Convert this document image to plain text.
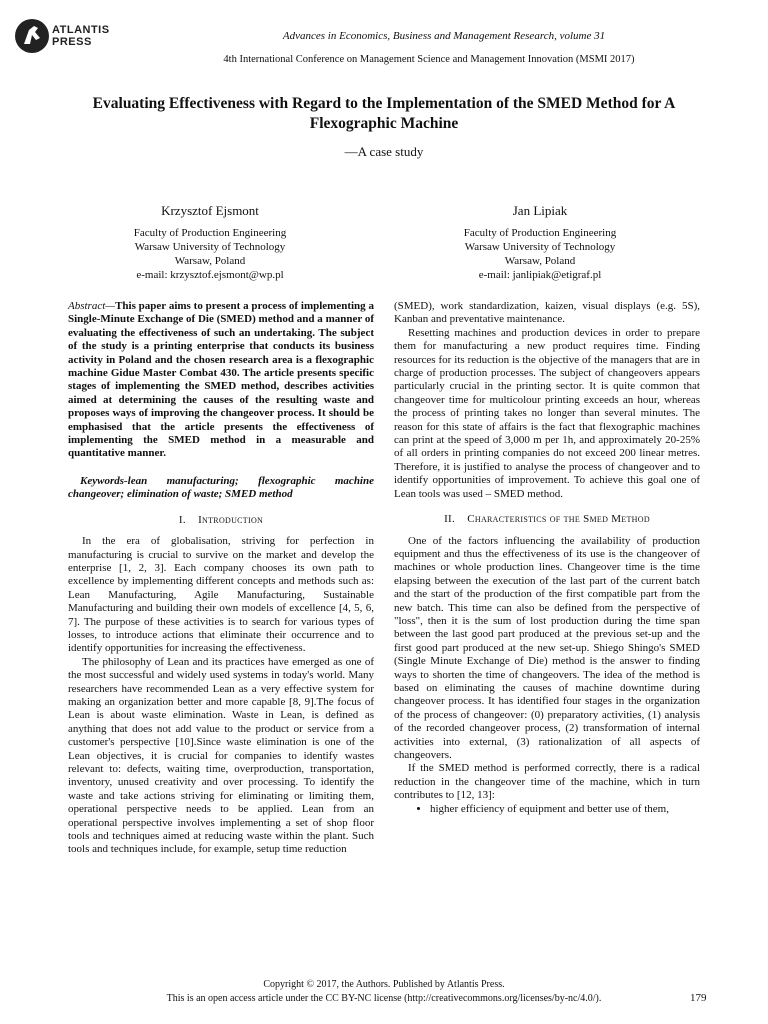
ATLANTIS
PRESS	Advances in Economics, Business and Management Research, volume 31
4th International Conference on Management Science and Management Innovation (MSMI 2017)
Evaluating Effectiveness with Regard to the Implementation of the SMED Method for A Flexographic Machine
—A case study
Krzysztof Ejsmont
Faculty of Production Engineering
Warsaw University of Technology
Warsaw, Poland
e-mail: krzysztof.ejsmont@wp.pl
Jan Lipiak
Faculty of Production Engineering
Warsaw University of Technology
Warsaw, Poland
e-mail: janlipiak@etigraf.pl
Abstract—This paper aims to present a process of implementing a Single-Minute Exchange of Die (SMED) method and a manner of evaluating the effectiveness of such an undertaking. The subject of the study is a printing enterprise that conducts its business activity in Poland and the chosen research area is a flexographic machine Gidue Master Combat 430. The article presents specific stages of implementing the SMED method, describes activities aimed at determining the causes of the resulting waste and proposes ways of improving the changeover process. It should be emphasised that the article presents the effectiveness of implementing the SMED method in a measurable and quantitative manner.
Keywords-lean manufacturing; flexographic machine changeover; elimination of waste; SMED method
I. Introduction

In the era of globalisation, striving for perfection in manufacturing is crucial to survive on the market and develop the enterprise [1, 2, 3]. Each company chooses its own path to excellence by implementing different concepts and methods such as: Lean Manufacturing, Agile Manufacturing, Sustainable Manufacturing and building their own models of excellence [4, 5, 6, 7]. The purpose of these activities is to search for various types of losses, to introduce actions that eliminate their occurrence and to identify opportunities for increasing the effectiveness.

The philosophy of Lean and its practices have emerged as one of the most successful and widely used systems in today's world. Many researchers have recommended Lean as a very effective system for making an organization better and more capable [8, 9].The focus of Lean is about waste elimination. Waste in Lean, is defined as anything that does not add value to the product or service from a customer's perspective [10].Since waste elimination is one of the Lean objectives, it is crucial for companies to identify wastes relevant to: defects, waiting time, overproduction, transportation, inventory, unused creativity and over processing. To identify the waste and take actions striving for eliminating or limiting them, operational perspective needs to be applied. Lean from an operational perspective involves implementing a set of shop floor tools and techniques aimed at reducing waste within the plant. Such tools and techniques include, for example, setup time reduction

(SMED), work standardization, kaizen, visual displays (e.g. 5S), Kanban and preventative maintenance.

Resetting machines and production devices in order to prepare them for manufacturing a new product requires time. Finding resources for its reduction is the objective of the managers that are in charge of production processes. The subject of changeovers appears particularly crucial in the printing sector. It is quite common that changeover time for multicolour printing exceeds an hour, whereas the process of printing takes no longer than several minutes. The reason for this state of affairs is the fact that flexographic machines can print at the speed of 3,000 m per 1h, and approximately 20-25% of all orders in printing companies do not exceed 200 linear metres. Therefore, it is justified to analyse the process of changeover and to identify opportunities of improvement. To achieve this goal one of Lean tools was used – SMED method.

II. Characteristics of the Smed Method

One of the factors influencing the availability of production equipment and thus the effectiveness of its use is the changeover of machines or whole production lines. Changeover time is the time elapsing between the execution of the last part of the current batch and the start of the production of the first compatible part from the new batch. This time can also be defined from the perspective of "loss", then it is the sum of lost production during the time span between the last good part produced at the previous set-up and the first good part produced at the new set-up. Shiego Shingo's SMED (Single Minute Exchange of Die) method is the answer to finding ways to shorten the time of changeovers. The idea of the method is based on eliminating the causes of machine downtime during changeover process. It has identified four stages in the organization of the process of changeover: (0) preparatory activities, (1) analysis of the recorded changeover process, (2) transformation of internal activities into external, (3) rationalization of all aspects of changeovers.

If the SMED method is performed correctly, there is a radical reduction in the changeover time of the machine, which in turn contributes to [12, 13]:

• higher efficiency of equipment and better use of them,
Copyright © 2017, the Authors. Published by Atlantis Press.
This is an open access article under the CC BY-NC license (http://creativecommons.org/licenses/by-nc/4.0/).	179
